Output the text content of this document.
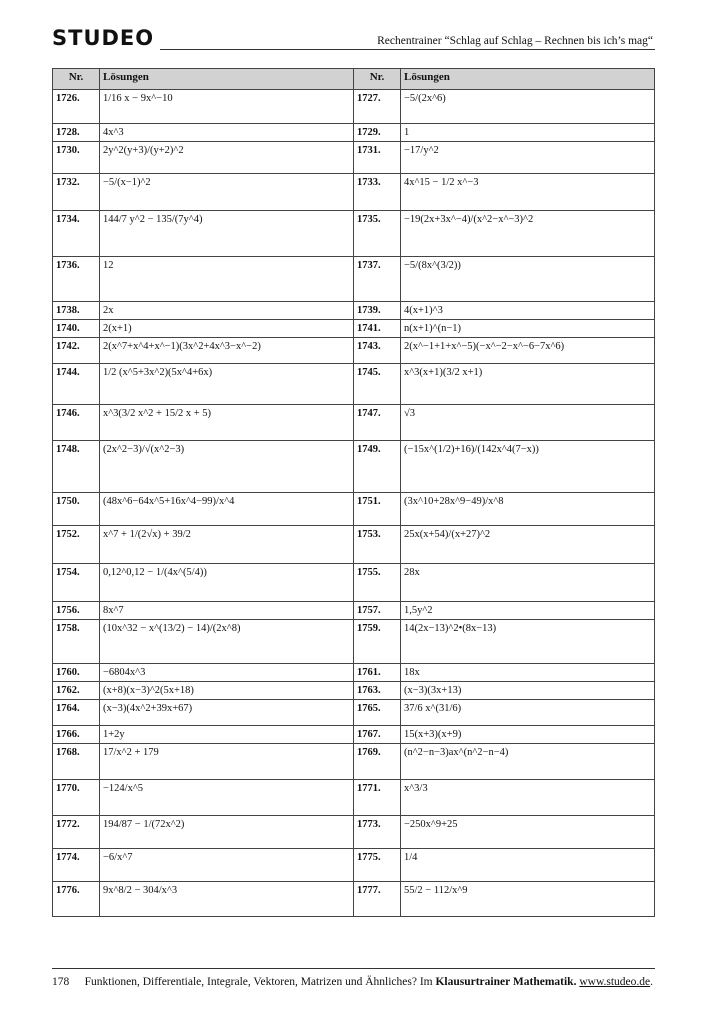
STUDEO	Rechentrainer “Schlag auf Schlag – Rechnen bis ich’s mag“
Nr.	Lösungen	Nr.	Lösungen
1726.	1/16 x − 9x^−10	1727.	−5/(2x^6)
1728.	4x^3	1729.	1
1730.	2y^2(y+3)/(y+2)^2	1731.	−17/y^2
1732.	−5/(x−1)^2	1733.	4x^15 − 1/2 x^−3
1734.	144/7 y^2 − 135/(7y^4)	1735.	−19(2x+3x^−4)/(x^2−x^−3)^2
1736.	12	1737.	−5/(8x^(3/2))
1738.	2x	1739.	4(x+1)^3
1740.	2(x+1)	1741.	n(x+1)^(n−1)
1742.	2(x^7+x^4+x^−1)(3x^2+4x^3−x^−2)	1743.	2(x^−1+1+x^−5)(−x^−2−x^−6−7x^6)
1744.	1/2 (x^5+3x^2)(5x^4+6x)	1745.	x^3(x+1)(3/2 x+1)
1746.	x^3(3/2 x^2 + 15/2 x + 5)	1747.	√3
1748.	(2x^2−3)/√(x^2−3)	1749.	(−15x^(1/2)+16)/(142x^4(7−x))
1750.	(48x^6−64x^5+16x^4−99)/x^4	1751.	(3x^10+28x^9−49)/x^8
1752.	x^7 + 1/(2√x) + 39/2	1753.	25x(x+54)/(x+27)^2
1754.	0,12^0,12 − 1/(4x^(5/4))	1755.	28x
1756.	8x^7	1757.	1,5y^2
1758.	(10x^32 − x^(13/2) − 14)/(2x^8)	1759.	14(2x−13)^2•(8x−13)
1760.	−6804x^3	1761.	18x
1762.	(x+8)(x−3)^2(5x+18)	1763.	(x−3)(3x+13)
1764.	(x−3)(4x^2+39x+67)	1765.	37/6 x^(31/6)
1766.	1+2y	1767.	15(x+3)(x+9)
1768.	17/x^2 + 179	1769.	(n^2−n−3)ax^(n^2−n−4)
1770.	−124/x^5	1771.	x^3/3
1772.	194/87 − 1/(72x^2)	1773.	−250x^9+25
1774.	−6/x^7	1775.	1/4
1776.	9x^8/2 − 304/x^3	1777.	55/2 − 112/x^9
178 Funktionen, Differentiale, Integrale, Vektoren, Matrizen und Ähnliches? Im Klausurtrainer Mathematik. www.studeo.de.
